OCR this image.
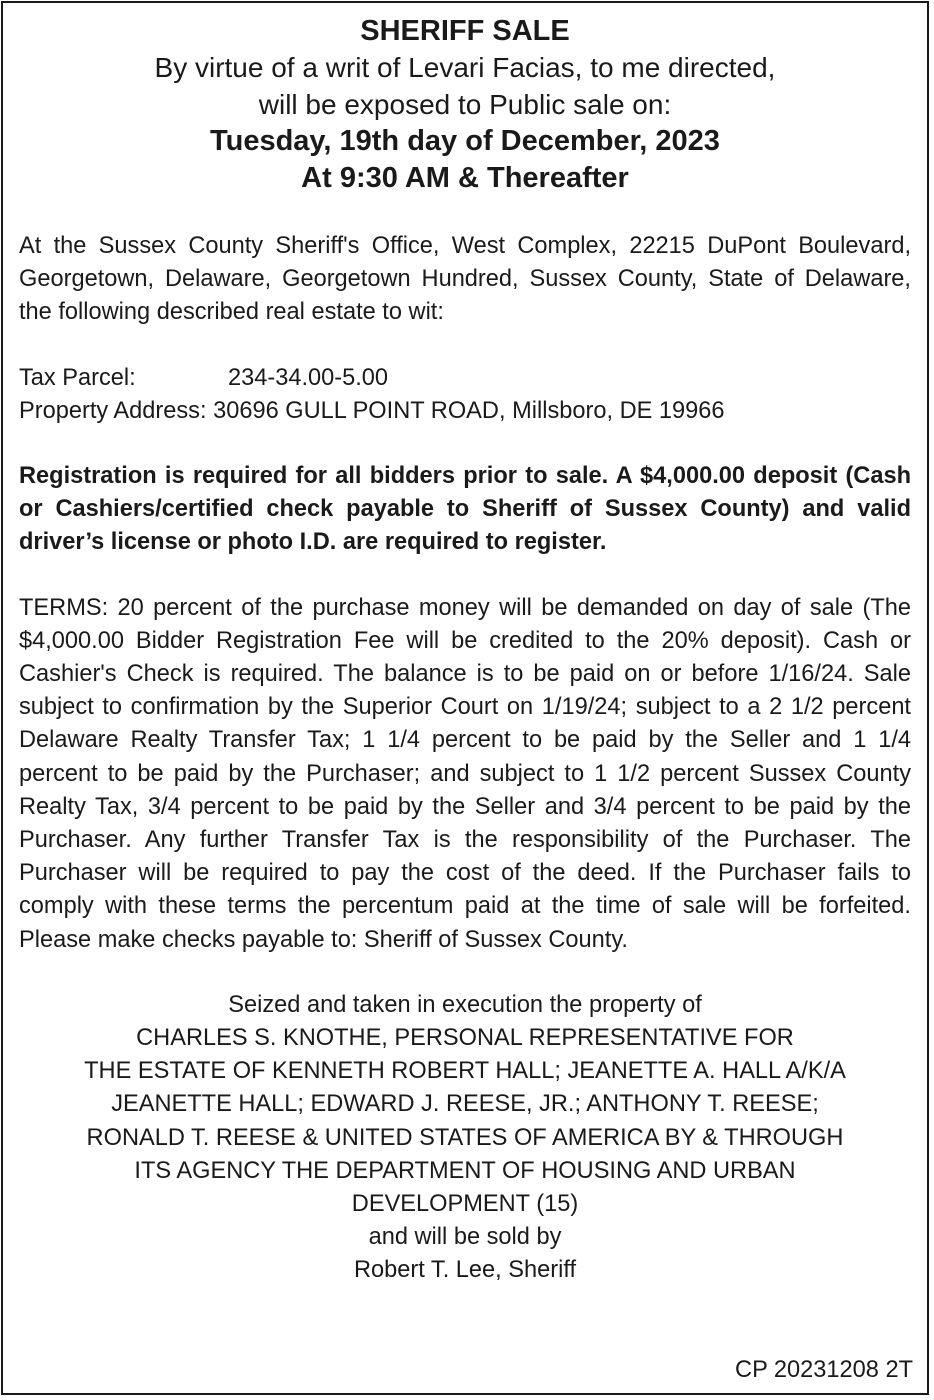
SHERIFF SALE

By virtue of a writ of Levari Facias, to me directed,

will be exposed to Public sale on:

Tuesday, 19th day of December, 2023

At 9:30 AM & Thereafter

At the Sussex County Sheriff's Office, West Complex, 22215 DuPont Boulevard, Georgetown, Delaware, Georgetown Hundred, Sussex County, State of Delaware, the following described real estate to wit:

Tax Parcel:	234-34.00-5.00
Property Address: 30696 GULL POINT ROAD, Millsboro, DE 19966

Registration is required for all bidders prior to sale. A $4,000.00 deposit (Cash or Cashiers/certified check payable to Sheriff of Sussex County) and valid driver’s license or photo I.D. are required to register.

TERMS: 20 percent of the purchase money will be demanded on day of sale (The $4,000.00 Bidder Registration Fee will be credited to the 20% deposit). Cash or Cashier's Check is required. The balance is to be paid on or before 1/16/24. Sale subject to confirmation by the Superior Court on 1/19/24; subject to a 2 1/2 percent Delaware Realty Transfer Tax; 1 1/4 percent to be paid by the Seller and 1 1/4 percent to be paid by the Purchaser; and subject to 1 1/2 percent Sussex County Realty Tax, 3/4 percent to be paid by the Seller and 3/4 percent to be paid by the Purchaser. Any further Transfer Tax is the responsibility of the Purchaser. The Purchaser will be required to pay the cost of the deed. If the Purchaser fails to comply with these terms the percentum paid at the time of sale will be forfeited. Please make checks payable to: Sheriff of Sussex County.

Seized and taken in execution the property of

CHARLES S. KNOTHE, PERSONAL REPRESENTATIVE FOR

THE ESTATE OF KENNETH ROBERT HALL; JEANETTE A. HALL A/K/A

JEANETTE HALL; EDWARD J. REESE, JR.; ANTHONY T. REESE;

RONALD T. REESE & UNITED STATES OF AMERICA BY & THROUGH

ITS AGENCY THE DEPARTMENT OF HOUSING AND URBAN

DEVELOPMENT (15)

and will be sold by

Robert T. Lee, Sheriff

CP 20231208 2T
